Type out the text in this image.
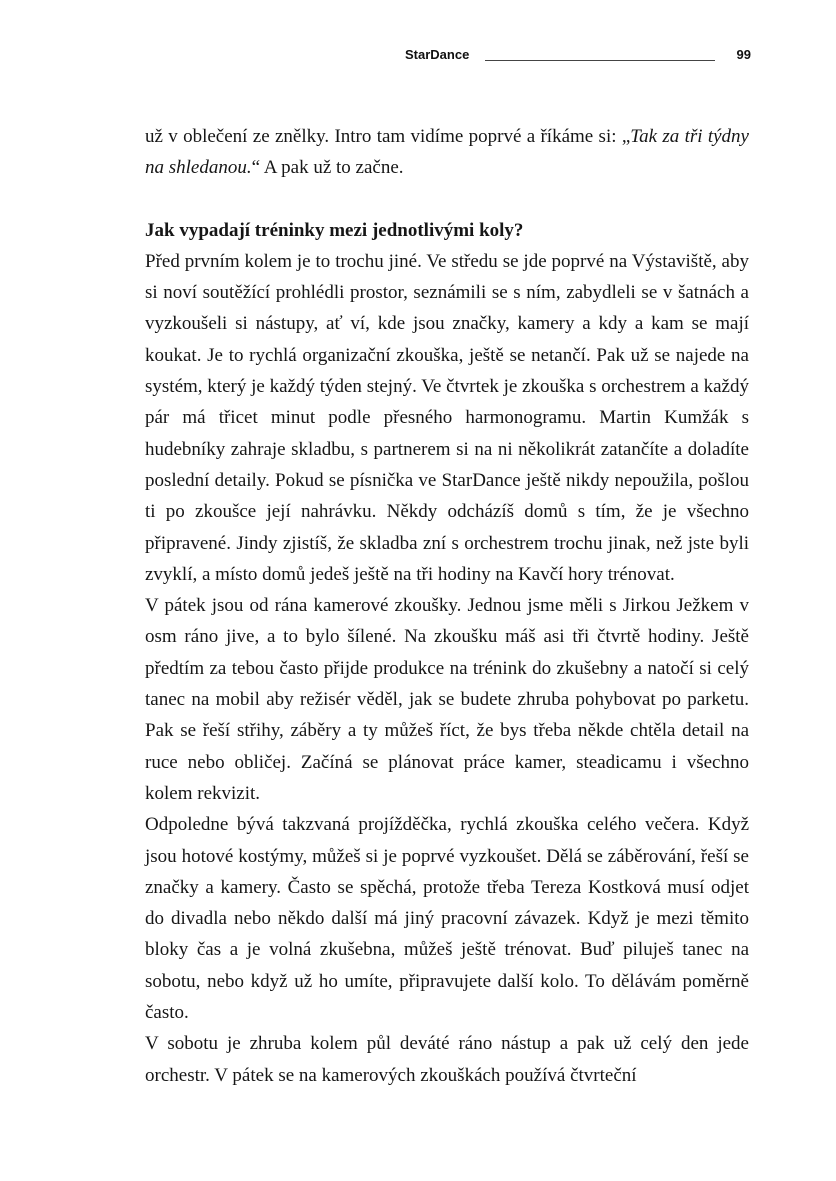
StarDance	99

už v oblečení ze znělky. Intro tam vidíme poprvé a říkáme si: „Tak za tři týdny na shledanou.“ A pak už to začne.

Jak vypadají tréninky mezi jednotlivými koly?

Před prvním kolem je to trochu jiné. Ve středu se jde poprvé na Výstaviště, aby si noví soutěžící prohlédli prostor, seznámili se s ním, zabydleli se v šatnách a vyzkoušeli si nástupy, ať ví, kde jsou značky, kamery a kdy a kam se mají koukat. Je to rychlá organizační zkouška, ještě se netančí. Pak už se najede na systém, který je každý týden stejný. Ve čtvrtek je zkouška s orchestrem a každý pár má třicet minut podle přesného harmonogramu. Martin Kumžák s hudebníky zahraje skladbu, s partnerem si na ni několikrát zatančíte a doladíte poslední detaily. Pokud se písnička ve StarDance ještě nikdy nepoužila, pošlou ti po zkoušce její nahrávku. Někdy odcházíš domů s tím, že je všechno připravené. Jindy zjistíš, že skladba zní s orchestrem trochu jinak, než jste byli zvyklí, a místo domů jedeš ještě na tři hodiny na Kavčí hory trénovat.

V pátek jsou od rána kamerové zkoušky. Jednou jsme měli s Jirkou Ježkem v osm ráno jive, a to bylo šílené. Na zkoušku máš asi tři čtvrtě hodiny. Ještě předtím za tebou často přijde produkce na trénink do zkušebny a natočí si celý tanec na mobil aby režisér věděl, jak se budete zhruba pohybovat po parketu. Pak se řeší střihy, záběry a ty můžeš říct, že bys třeba někde chtěla detail na ruce nebo obličej. Začíná se plánovat práce kamer, steadicamu i všechno kolem rekvizit.

Odpoledne bývá takzvaná projížděčka, rychlá zkouška celého večera. Když jsou hotové kostýmy, můžeš si je poprvé vyzkoušet. Dělá se záběrování, řeší se značky a kamery. Často se spěchá, protože třeba Tereza Kostková musí odjet do divadla nebo někdo další má jiný pracovní závazek. Když je mezi těmito bloky čas a je volná zkušebna, můžeš ještě trénovat. Buď piluješ tanec na sobotu, nebo když už ho umíte, připravujete další kolo. To dělávám poměrně často.

V sobotu je zhruba kolem půl deváté ráno nástup a pak už celý den jede orchestr. V pátek se na kamerových zkouškách používá čtvrteční
